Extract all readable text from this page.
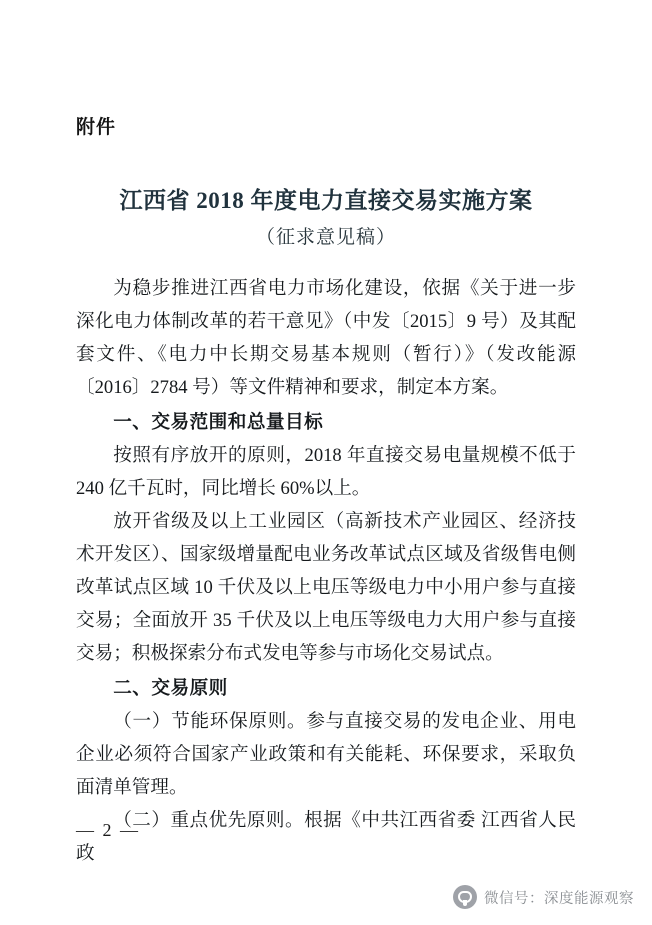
附件
江西省 2018 年度电力直接交易实施方案
（征求意见稿）

为稳步推进江西省电力市场化建设，依据《关于进一步深化电力体制改革的若干意见》（中发〔2015〕9 号）及其配套文件、《电力中长期交易基本规则（暂行）》（发改能源〔2016〕2784 号）等文件精神和要求，制定本方案。

一、交易范围和总量目标

按照有序放开的原则，2018 年直接交易电量规模不低于 240 亿千瓦时，同比增长 60%以上。

放开省级及以上工业园区（高新技术产业园区、经济技术开发区）、国家级增量配电业务改革试点区域及省级售电侧改革试点区域 10 千伏及以上电压等级电力中小用户参与直接交易；全面放开 35 千伏及以上电压等级电力大用户参与直接交易；积极探索分布式发电等参与市场化交易试点。

二、交易原则

（一）节能环保原则。参与直接交易的发电企业、用电企业必须符合国家产业政策和有关能耗、环保要求，采取负面清单管理。

（二）重点优先原则。根据《中共江西省委 江西省人民政

— 2 —
微信号：深度能源观察
